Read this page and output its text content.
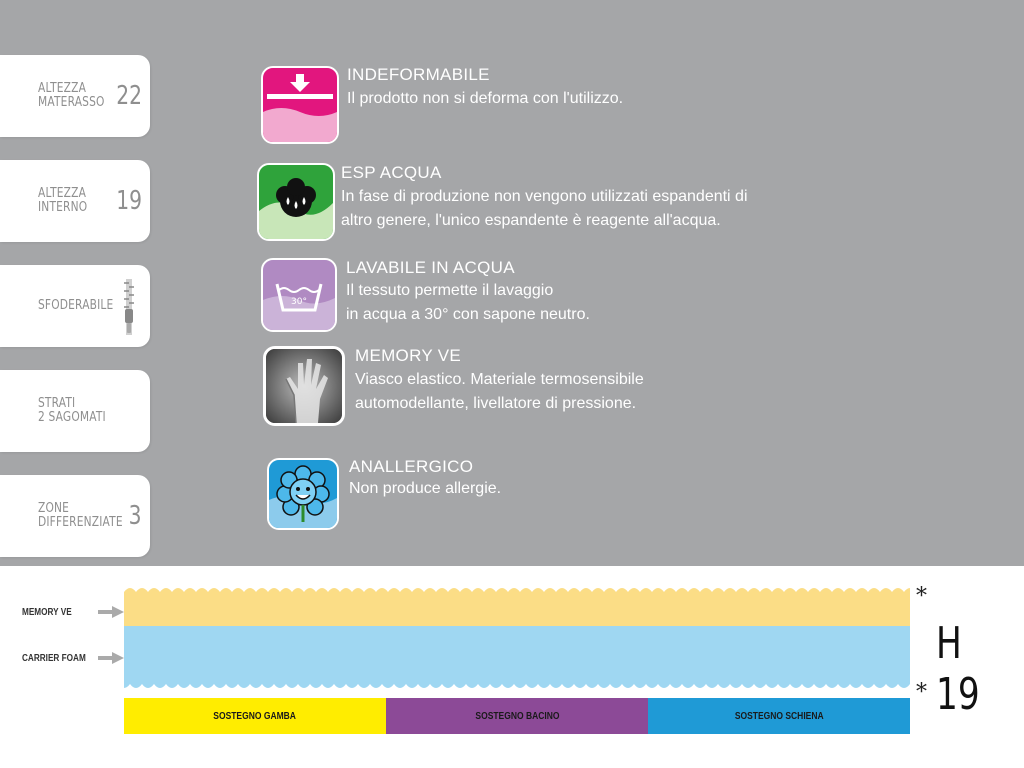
ALTEZZA
MATERASSO 22
ALTEZZA
INTERNO 19
SFODERABILE
STRATI
2 SAGOMATI
ZONE
DIFFERENZIATE 3
INDEFORMABILE
Il prodotto non si deforma con l'utilizzo.
ESP ACQUA
In fase di produzione non vengono utilizzati espandenti di
altro genere, l'unico espandente è reagente all'acqua.
30°
LAVABILE IN ACQUA
Il tessuto permette il lavaggio
in acqua a 30° con sapone neutro.
MEMORY VE
Viasco elastico. Materiale termosensibile
automodellante, livellatore di pressione.
ANALLERGICO
Non produce allergie.
MEMORY VE
CARRIER FOAM
SOSTEGNO GAMBA	SOSTEGNO BACINO	SOSTEGNO SCHIENA
*
*
H 19
